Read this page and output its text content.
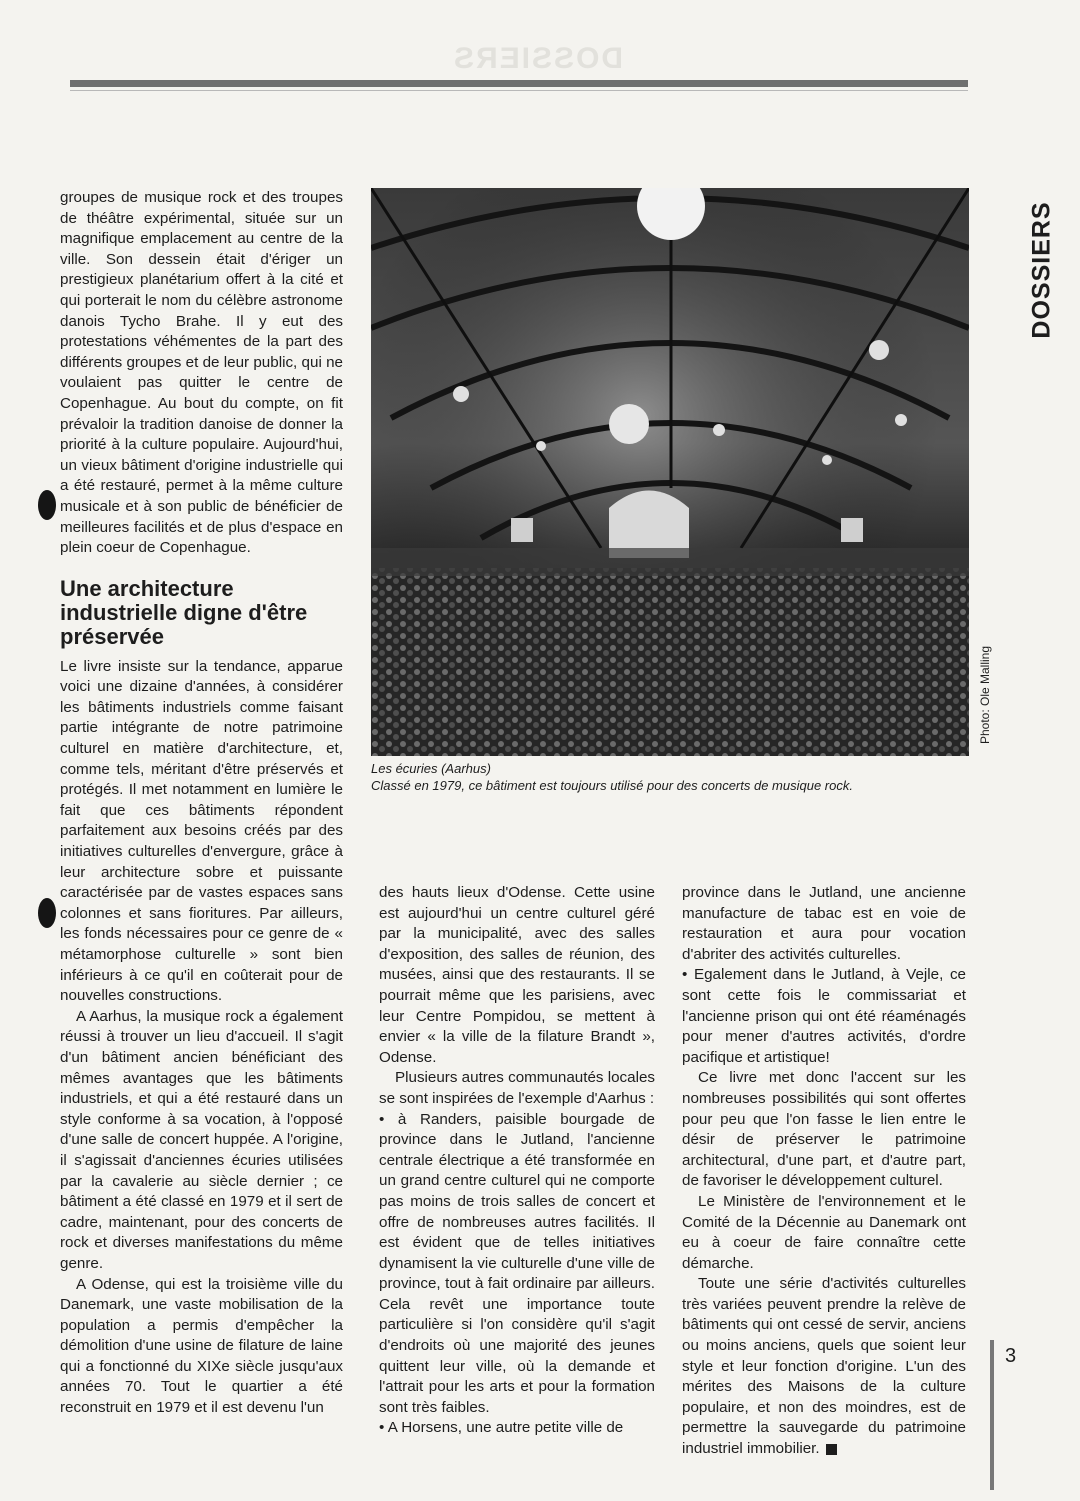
DOSSIERS
DOSSIERS

groupes de musique rock et des troupes de théâtre expérimental, située sur un magnifique emplacement au centre de la ville. Son dessein était d'ériger un prestigieux planétarium offert à la cité et qui porterait le nom du célèbre astronome danois Tycho Brahe. Il y eut des protestations véhémentes de la part des différents groupes et de leur public, qui ne voulaient pas quitter le centre de Copenhague. Au bout du compte, on fit prévaloir la tradition danoise de donner la priorité à la culture populaire. Aujourd'hui, un vieux bâtiment d'origine industrielle qui a été restauré, permet à la même culture musicale et à son public de bénéficier de meilleures facilités et de plus d'espace en plein coeur de Copenhague.

Une architecture industrielle digne d'être préservée

Le livre insiste sur la tendance, apparue voici une dizaine d'années, à considérer les bâtiments industriels comme faisant partie intégrante de notre patrimoine culturel en matière d'architecture, et, comme tels, méritant d'être préservés et protégés. Il met notamment en lumière le fait que ces bâtiments répondent parfaitement aux besoins créés par des initiatives culturelles d'envergure, grâce à leur architecture sobre et puissante caractérisée par de vastes espaces sans colonnes et sans fioritures. Par ailleurs, les fonds nécessaires pour ce genre de « métamorphose culturelle » sont bien inférieurs à ce qu'il en coûterait pour de nouvelles constructions.

A Aarhus, la musique rock a également réussi à trouver un lieu d'accueil. Il s'agit d'un bâtiment ancien bénéficiant des mêmes avantages que les bâtiments industriels, et qui a été restauré dans un style conforme à sa vocation, à l'opposé d'une salle de concert huppée. A l'origine, il s'agissait d'anciennes écuries utilisées par la cavalerie au siècle dernier ; ce bâtiment a été classé en 1979 et il sert de cadre, maintenant, pour des concerts de rock et diverses manifestations du même genre.

A Odense, qui est la troisième ville du Danemark, une vaste mobilisation de la population a permis d'empêcher la démolition d'une usine de filature de laine qui a fonctionné du XIXe siècle jusqu'aux années 70. Tout le quartier a été reconstruit en 1979 et il est devenu l'un

Photo: Ole Malling

Les écuries (Aarhus)

Classé en 1979, ce bâtiment est toujours utilisé pour des concerts de musique rock.

des hauts lieux d'Odense. Cette usine est aujourd'hui un centre culturel géré par la municipalité, avec des salles d'exposition, des salles de réunion, des musées, ainsi que des restaurants. Il se pourrait même que les parisiens, avec leur Centre Pompidou, se mettent à envier « la ville de la filature Brandt », Odense.

Plusieurs autres communautés locales se sont inspirées de l'exemple d'Aarhus :

• à Randers, paisible bourgade de province dans le Jutland, l'ancienne centrale électrique a été transformée en un grand centre culturel qui ne comporte pas moins de trois salles de concert et offre de nombreuses autres facilités. Il est évident que de telles initiatives dynamisent la vie culturelle d'une ville de province, tout à fait ordinaire par ailleurs. Cela revêt une importance toute particulière si l'on considère qu'il s'agit d'endroits où une majorité des jeunes quittent leur ville, où la demande et l'attrait pour les arts et pour la formation sont très faibles.

• A Horsens, une autre petite ville de

province dans le Jutland, une ancienne manufacture de tabac est en voie de restauration et aura pour vocation d'abriter des activités culturelles.

• Egalement dans le Jutland, à Vejle, ce sont cette fois le commissariat et l'ancienne prison qui ont été réaménagés pour mener d'autres activités, d'ordre pacifique et artistique!

Ce livre met donc l'accent sur les nombreuses possibilités qui sont offertes pour peu que l'on fasse le lien entre le désir de préserver le patrimoine architectural, d'une part, et d'autre part, de favoriser le développement culturel.

Le Ministère de l'environnement et le Comité de la Décennie au Danemark ont eu à coeur de faire connaître cette démarche.

Toute une série d'activités culturelles très variées peuvent prendre la relève de bâtiments qui ont cessé de servir, anciens ou moins anciens, quels que soient leur style et leur fonction d'origine. L'un des mérites des Maisons de la culture populaire, et non des moindres, est de permettre la sauvegarde du patrimoine industriel immobilier.

3
